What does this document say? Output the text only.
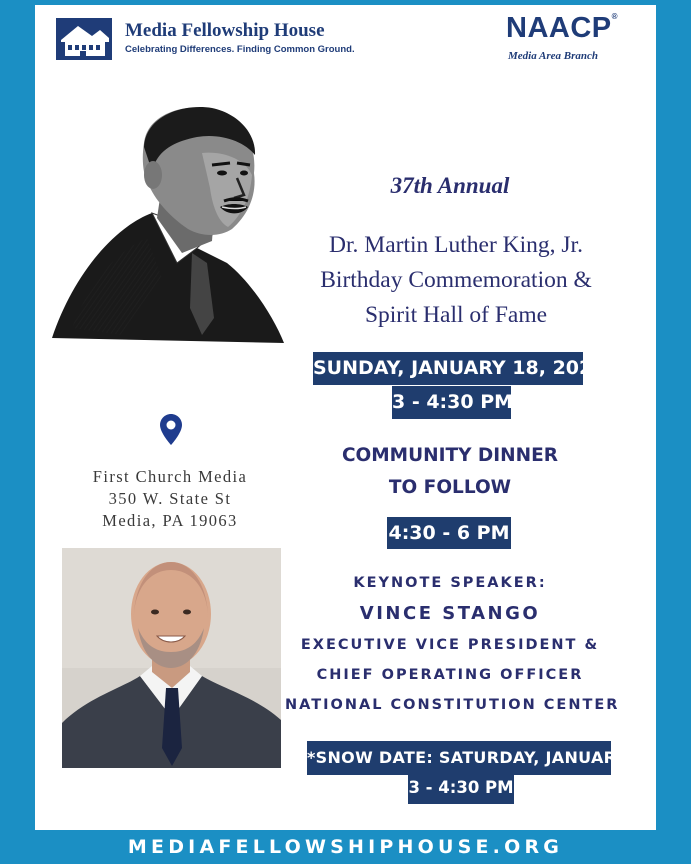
Media Fellowship House
Celebrating Differences. Finding Common Ground.
NAACP®
Media Area Branch
37th Annual
Dr. Martin Luther King, Jr.
Birthday Commemoration &
Spirit Hall of Fame
SUNDAY, JANUARY 18, 2026
3 - 4:30 PM
First Church Media
350 W. State St
Media, PA 19063
COMMUNITY DINNER
TO FOLLOW
4:30 - 6 PM
KEYNOTE SPEAKER:
VINCE STANGO
EXECUTIVE VICE PRESIDENT &
CHIEF OPERATING OFFICER
NATIONAL CONSTITUTION CENTER
*SNOW DATE: SATURDAY, JANUARY 24
3 - 4:30 PM
MEDIAFELLOWSHIPHOUSE.ORG
